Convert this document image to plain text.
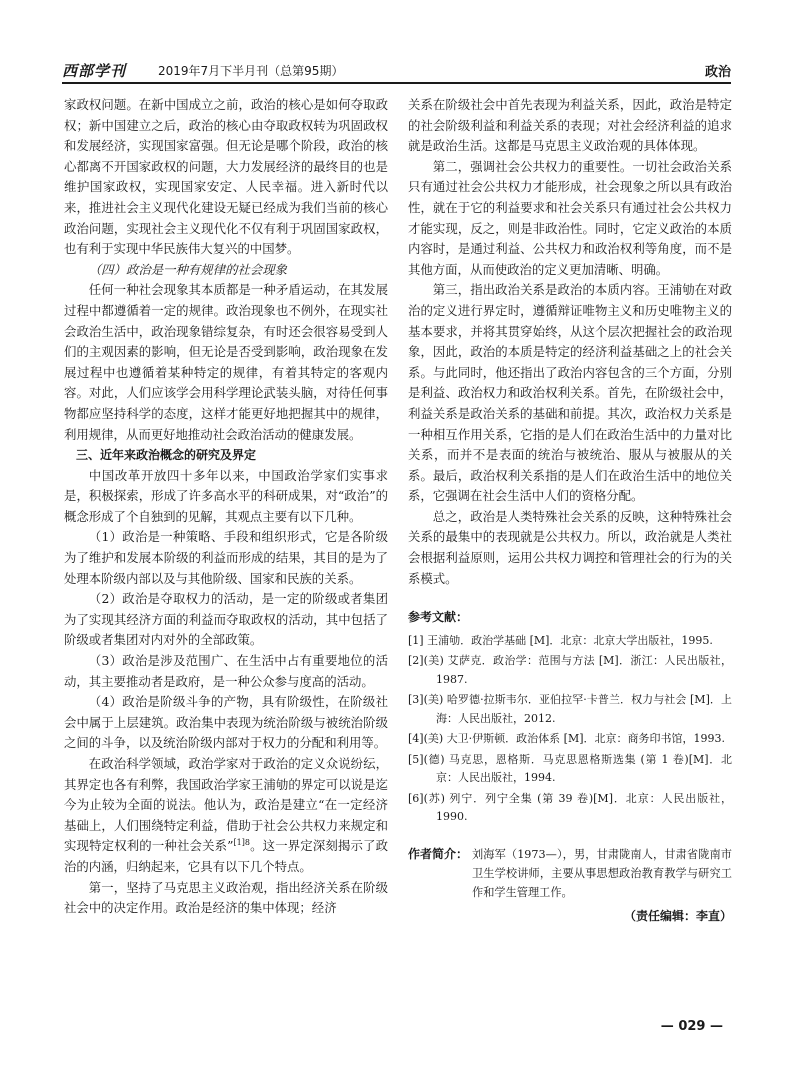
西部学刊	2019年7月下半月刊（总第95期）	政治

家政权问题。在新中国成立之前，政治的核心是如何夺取政权；新中国建立之后，政治的核心由夺取政权转为巩固政权和发展经济，实现国家富强。但无论是哪个阶段，政治的核心都离不开国家政权的问题，大力发展经济的最终目的也是维护国家政权，实现国家安定、人民幸福。进入新时代以来，推进社会主义现代化建设无疑已经成为我们当前的核心政治问题，实现社会主义现代化不仅有利于巩固国家政权，也有利于实现中华民族伟大复兴的中国梦。

（四）政治是一种有规律的社会现象

任何一种社会现象其本质都是一种矛盾运动，在其发展过程中都遵循着一定的规律。政治现象也不例外，在现实社会政治生活中，政治现象错综复杂，有时还会很容易受到人们的主观因素的影响，但无论是否受到影响，政治现象在发展过程中也遵循着某种特定的规律，有着其特定的客观内容。对此，人们应该学会用科学理论武装头脑，对待任何事物都应坚持科学的态度，这样才能更好地把握其中的规律，利用规律，从而更好地推动社会政治活动的健康发展。

三、近年来政治概念的研究及界定

中国改革开放四十多年以来，中国政治学家们实事求是，积极探索，形成了许多高水平的科研成果，对“政治”的概念形成了个自独到的见解，其观点主要有以下几种。

（1）政治是一种策略、手段和组织形式，它是各阶级为了维护和发展本阶级的利益而形成的结果，其目的是为了处理本阶级内部以及与其他阶级、国家和民族的关系。

（2）政治是夺取权力的活动，是一定的阶级或者集团为了实现其经济方面的利益而夺取政权的活动，其中包括了阶级或者集团对内对外的全部政策。

（3）政治是涉及范围广、在生活中占有重要地位的活动，其主要推动者是政府，是一种公众参与度高的活动。

（4）政治是阶级斗争的产物，具有阶级性，在阶级社会中属于上层建筑。政治集中表现为统治阶级与被统治阶级之间的斗争，以及统治阶级内部对于权力的分配和利用等。

在政治科学领域，政治学家对于政治的定义众说纷纭，其界定也各有利弊，我国政治学家王浦劬的界定可以说是迄今为止较为全面的说法。他认为，政治是建立“在一定经济基础上，人们围绕特定利益，借助于社会公共权力来规定和实现特定权利的一种社会关系”$^{[1]8}$。这一界定深刻揭示了政治的内涵，归纳起来，它具有以下几个特点。

第一，坚持了马克思主义政治观，指出经济关系在阶级社会中的决定作用。政治是经济的集中体现；经济

关系在阶级社会中首先表现为利益关系，因此，政治是特定的社会阶级利益和利益关系的表现；对社会经济利益的追求就是政治生活。这都是马克思主义政治观的具体体现。

第二，强调社会公共权力的重要性。一切社会政治关系只有通过社会公共权力才能形成，社会现象之所以具有政治性，就在于它的利益要求和社会关系只有通过社会公共权力才能实现，反之，则是非政治性。同时，它定义政治的本质内容时，是通过利益、公共权力和政治权利等角度，而不是其他方面，从而使政治的定义更加清晰、明确。

第三，指出政治关系是政治的本质内容。王浦劬在对政治的定义进行界定时，遵循辩证唯物主义和历史唯物主义的基本要求，并将其贯穿始终，从这个层次把握社会的政治现象，因此，政治的本质是特定的经济利益基础之上的社会关系。与此同时，他还指出了政治内容包含的三个方面，分别是利益、政治权力和政治权利关系。首先，在阶级社会中，利益关系是政治关系的基础和前提。其次，政治权力关系是一种相互作用关系，它指的是人们在政治生活中的力量对比关系，而并不是表面的统治与被统治、服从与被服从的关系。最后，政治权利关系指的是人们在政治生活中的地位关系，它强调在社会生活中人们的资格分配。

总之，政治是人类特殊社会关系的反映，这种特殊社会关系的最集中的表现就是公共权力。所以，政治就是人类社会根据利益原则，运用公共权力调控和管理社会的行为的关系模式。

参考文献：

[1] 王浦劬．政治学基础 [M]．北京：北京大学出版社，1995.
[2](美) 艾萨克．政治学：范围与方法 [M]．浙江：人民出版社，1987.
[3](美) 哈罗德·拉斯韦尔．亚伯拉罕·卡普兰．权力与社会 [M]．上海：人民出版社，2012.
[4](美) 大卫·伊斯顿．政治体系 [M]．北京：商务印书馆，1993.
[5](德) 马克思，恩格斯．马克思恩格斯选集 (第 1 卷)[M]．北京：人民出版社，1994.
[6](苏) 列宁．列宁全集 (第 39 卷)[M]．北京：人民出版社，1990.

作者简介： 刘海军（1973—），男，甘肃陇南人，甘肃省陇南市卫生学校讲师，主要从事思想政治教育教学与研究工作和学生管理工作。

（责任编辑：李直）

— 029 —
